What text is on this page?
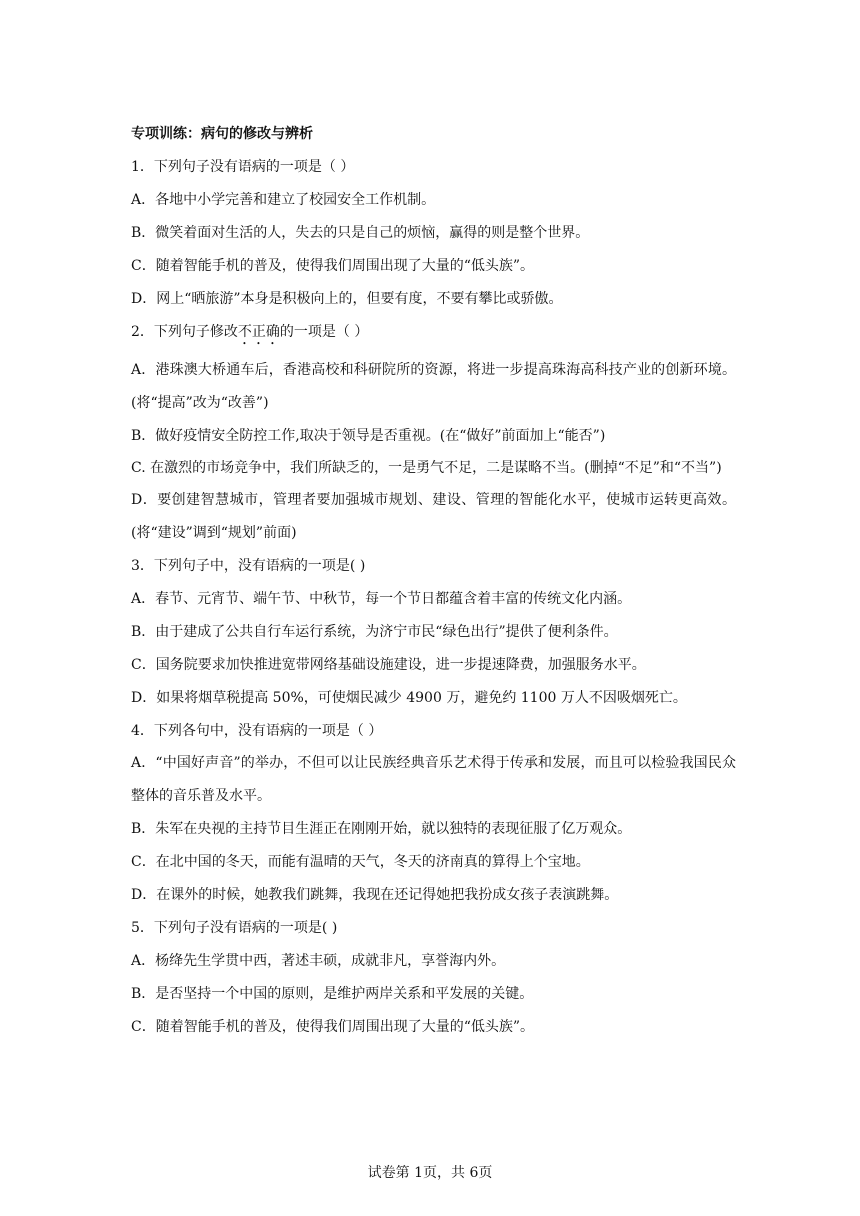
专项训练：病句的修改与辨析
1．下列句子没有语病的一项是（ ）
A．各地中小学完善和建立了校园安全工作机制。
B．微笑着面对生活的人，失去的只是自己的烦恼，赢得的则是整个世界。
C．随着智能手机的普及，使得我们周围出现了大量的“低头族”。
D．网上“晒旅游”本身是积极向上的，但要有度，不要有攀比或骄傲。
2．下列句子修改不正确的一项是（ ）
A．港珠澳大桥通车后，香港高校和科研院所的资源，将进一步提高珠海高科技产业的创新环境。(将“提高”改为“改善”)
B．做好疫情安全防控工作,取决于领导是否重视。(在“做好”前面加上“能否”)
C. 在激烈的市场竞争中，我们所缺乏的，一是勇气不足，二是谋略不当。(删掉“不足”和“不当”)
D．要创建智慧城市，管理者要加强城市规划、建设、管理的智能化水平，使城市运转更高效。(将“建设”调到“规划”前面)
3．下列句子中，没有语病的一项是( )
A．春节、元宵节、端午节、中秋节，每一个节日都蕴含着丰富的传统文化内涵。
B．由于建成了公共自行车运行系统，为济宁市民“绿色出行”提供了便利条件。
C．国务院要求加快推进宽带网络基础设施建设，进一步提速降费，加强服务水平。
D．如果将烟草税提高 50%，可使烟民减少 4900 万，避免约 1100 万人不因吸烟死亡。
4．下列各句中，没有语病的一项是（ ）
A．“中国好声音”的举办，不但可以让民族经典音乐艺术得于传承和发展，而且可以检验我国民众整体的音乐普及水平。
B．朱军在央视的主持节目生涯正在刚刚开始，就以独特的表现征服了亿万观众。
C．在北中国的冬天，而能有温晴的天气，冬天的济南真的算得上个宝地。
D．在课外的时候，她教我们跳舞，我现在还记得她把我扮成女孩子表演跳舞。
5．下列句子没有语病的一项是( )
A．杨绛先生学贯中西，著述丰硕，成就非凡，享誉海内外。
B．是否坚持一个中国的原则，是维护两岸关系和平发展的关键。
C．随着智能手机的普及，使得我们周围出现了大量的“低头族”。
试卷第 1页，共 6页
